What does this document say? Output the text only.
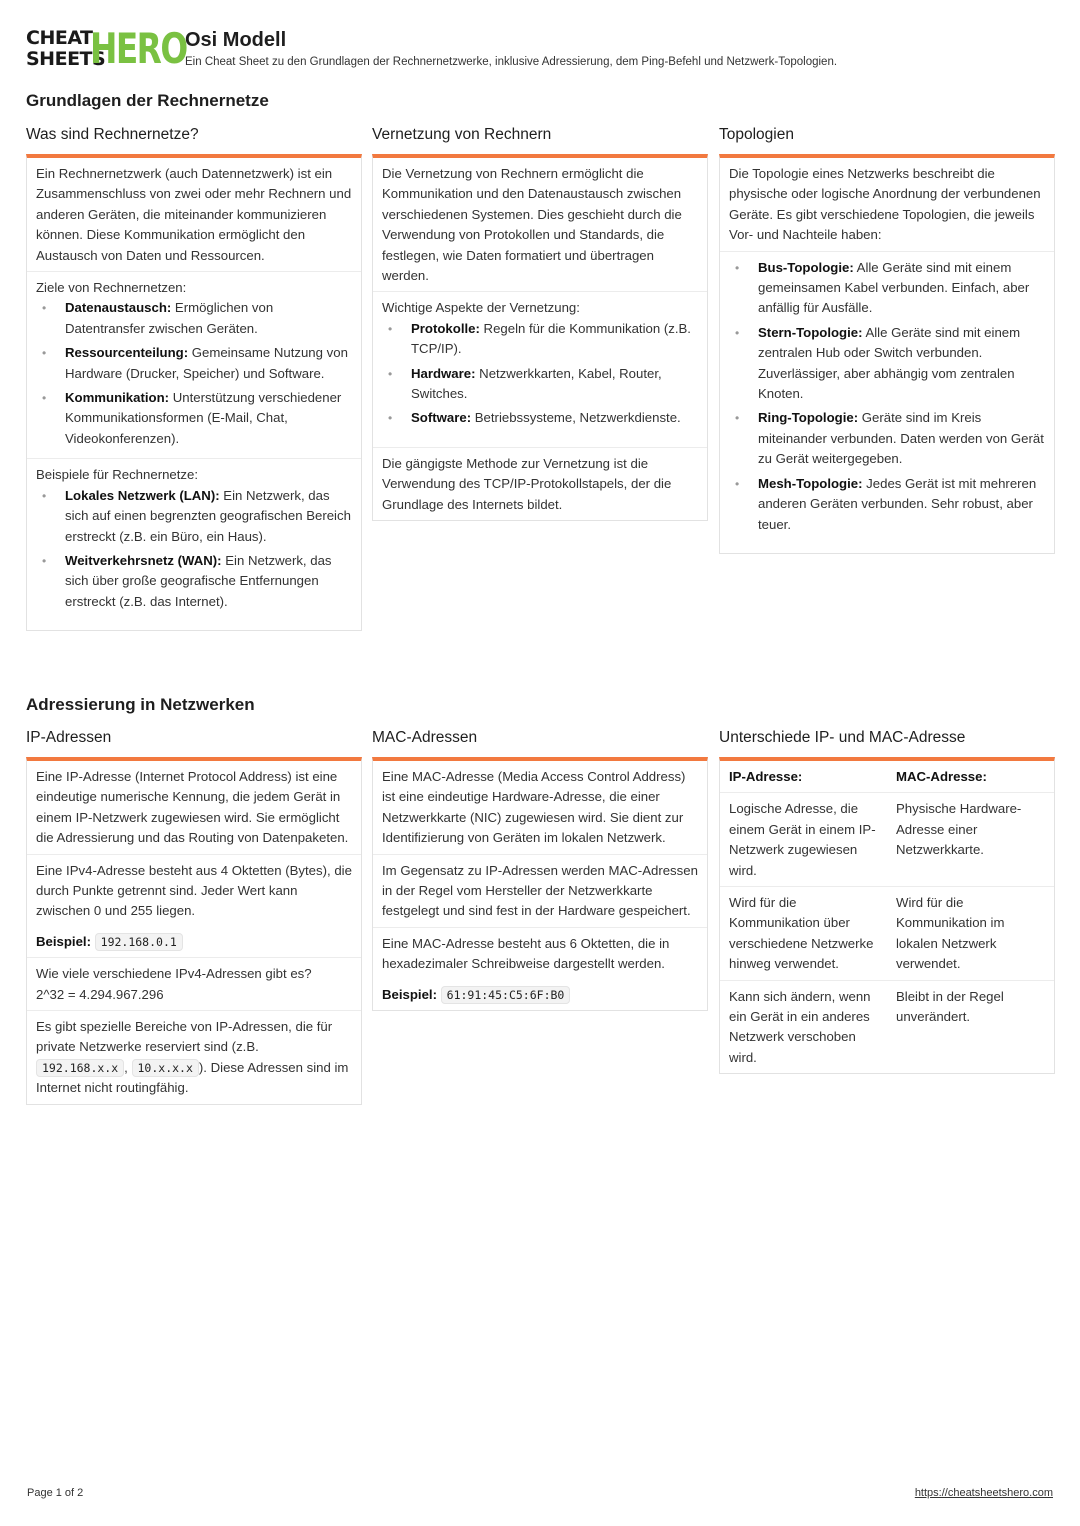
CHEAT
SHEETS
HERO
Osi Modell
Ein Cheat Sheet zu den Grundlagen der Rechnernetzwerke, inklusive Adressierung, dem Ping-Befehl und Netzwerk-Topologien.
Grundlagen der Rechnernetze
Was sind Rechnernetze?
Ein Rechnernetzwerk (auch Datennetzwerk) ist ein Zusammenschluss von zwei oder mehr Rechnern und anderen Geräten, die miteinander kommunizieren können. Diese Kommunikation ermöglicht den Austausch von Daten und Ressourcen.
Ziele von Rechnernetzen:
• Datenaustausch: Ermöglichen von Datentransfer zwischen Geräten.
• Ressourcenteilung: Gemeinsame Nutzung von Hardware (Drucker, Speicher) und Software.
• Kommunikation: Unterstützung verschiedener Kommunikationsformen (E-Mail, Chat, Videokonferenzen).
Beispiele für Rechnernetze:
• Lokales Netzwerk (LAN): Ein Netzwerk, das sich auf einen begrenzten geografischen Bereich erstreckt (z.B. ein Büro, ein Haus).
• Weitverkehrsnetz (WAN): Ein Netzwerk, das sich über große geografische Entfernungen erstreckt (z.B. das Internet).
Vernetzung von Rechnern
Die Vernetzung von Rechnern ermöglicht die Kommunikation und den Datenaustausch zwischen verschiedenen Systemen. Dies geschieht durch die Verwendung von Protokollen und Standards, die festlegen, wie Daten formatiert und übertragen werden.
Wichtige Aspekte der Vernetzung:
• Protokolle: Regeln für die Kommunikation (z.B. TCP/IP).
• Hardware: Netzwerkkarten, Kabel, Router, Switches.
• Software: Betriebssysteme, Netzwerkdienste.
Die gängigste Methode zur Vernetzung ist die Verwendung des TCP/IP-Protokollstapels, der die Grundlage des Internets bildet.
Topologien
Die Topologie eines Netzwerks beschreibt die physische oder logische Anordnung der verbundenen Geräte. Es gibt verschiedene Topologien, die jeweils Vor- und Nachteile haben:
• Bus-Topologie: Alle Geräte sind mit einem gemeinsamen Kabel verbunden. Einfach, aber anfällig für Ausfälle.
• Stern-Topologie: Alle Geräte sind mit einem zentralen Hub oder Switch verbunden. Zuverlässiger, aber abhängig vom zentralen Knoten.
• Ring-Topologie: Geräte sind im Kreis miteinander verbunden. Daten werden von Gerät zu Gerät weitergegeben.
• Mesh-Topologie: Jedes Gerät ist mit mehreren anderen Geräten verbunden. Sehr robust, aber teuer.
Adressierung in Netzwerken
IP-Adressen
Eine IP-Adresse (Internet Protocol Address) ist eine eindeutige numerische Kennung, die jedem Gerät in einem IP-Netzwerk zugewiesen wird. Sie ermöglicht die Adressierung und das Routing von Datenpaketen.
Eine IPv4-Adresse besteht aus 4 Oktetten (Bytes), die durch Punkte getrennt sind. Jeder Wert kann zwischen 0 und 255 liegen.
Beispiel: 192.168.0.1
Wie viele verschiedene IPv4-Adressen gibt es?
2^32 = 4.294.967.296
Es gibt spezielle Bereiche von IP-Adressen, die für private Netzwerke reserviert sind (z.B. 192.168.x.x , 10.x.x.x ). Diese Adressen sind im Internet nicht routingfähig.
MAC-Adressen
Eine MAC-Adresse (Media Access Control Address) ist eine eindeutige Hardware-Adresse, die einer Netzwerkkarte (NIC) zugewiesen wird. Sie dient zur Identifizierung von Geräten im lokalen Netzwerk.
Im Gegensatz zu IP-Adressen werden MAC-Adressen in der Regel vom Hersteller der Netzwerkkarte festgelegt und sind fest in der Hardware gespeichert.
Eine MAC-Adresse besteht aus 6 Oktetten, die in hexadezimaler Schreibweise dargestellt werden.
Beispiel: 61:91:45:C5:6F:B0
Unterschiede IP- und MAC-Adresse
IP-Adresse:	MAC-Adresse:
Logische Adresse, die einem Gerät in einem IP-Netzwerk zugewiesen wird.	Physische Hardware-Adresse einer Netzwerkkarte.
Wird für die Kommunikation über verschiedene Netzwerke hinweg verwendet.	Wird für die Kommunikation im lokalen Netzwerk verwendet.
Kann sich ändern, wenn ein Gerät in ein anderes Netzwerk verschoben wird.	Bleibt in der Regel unverändert.
Page 1 of 2	https://cheatsheetshero.com
